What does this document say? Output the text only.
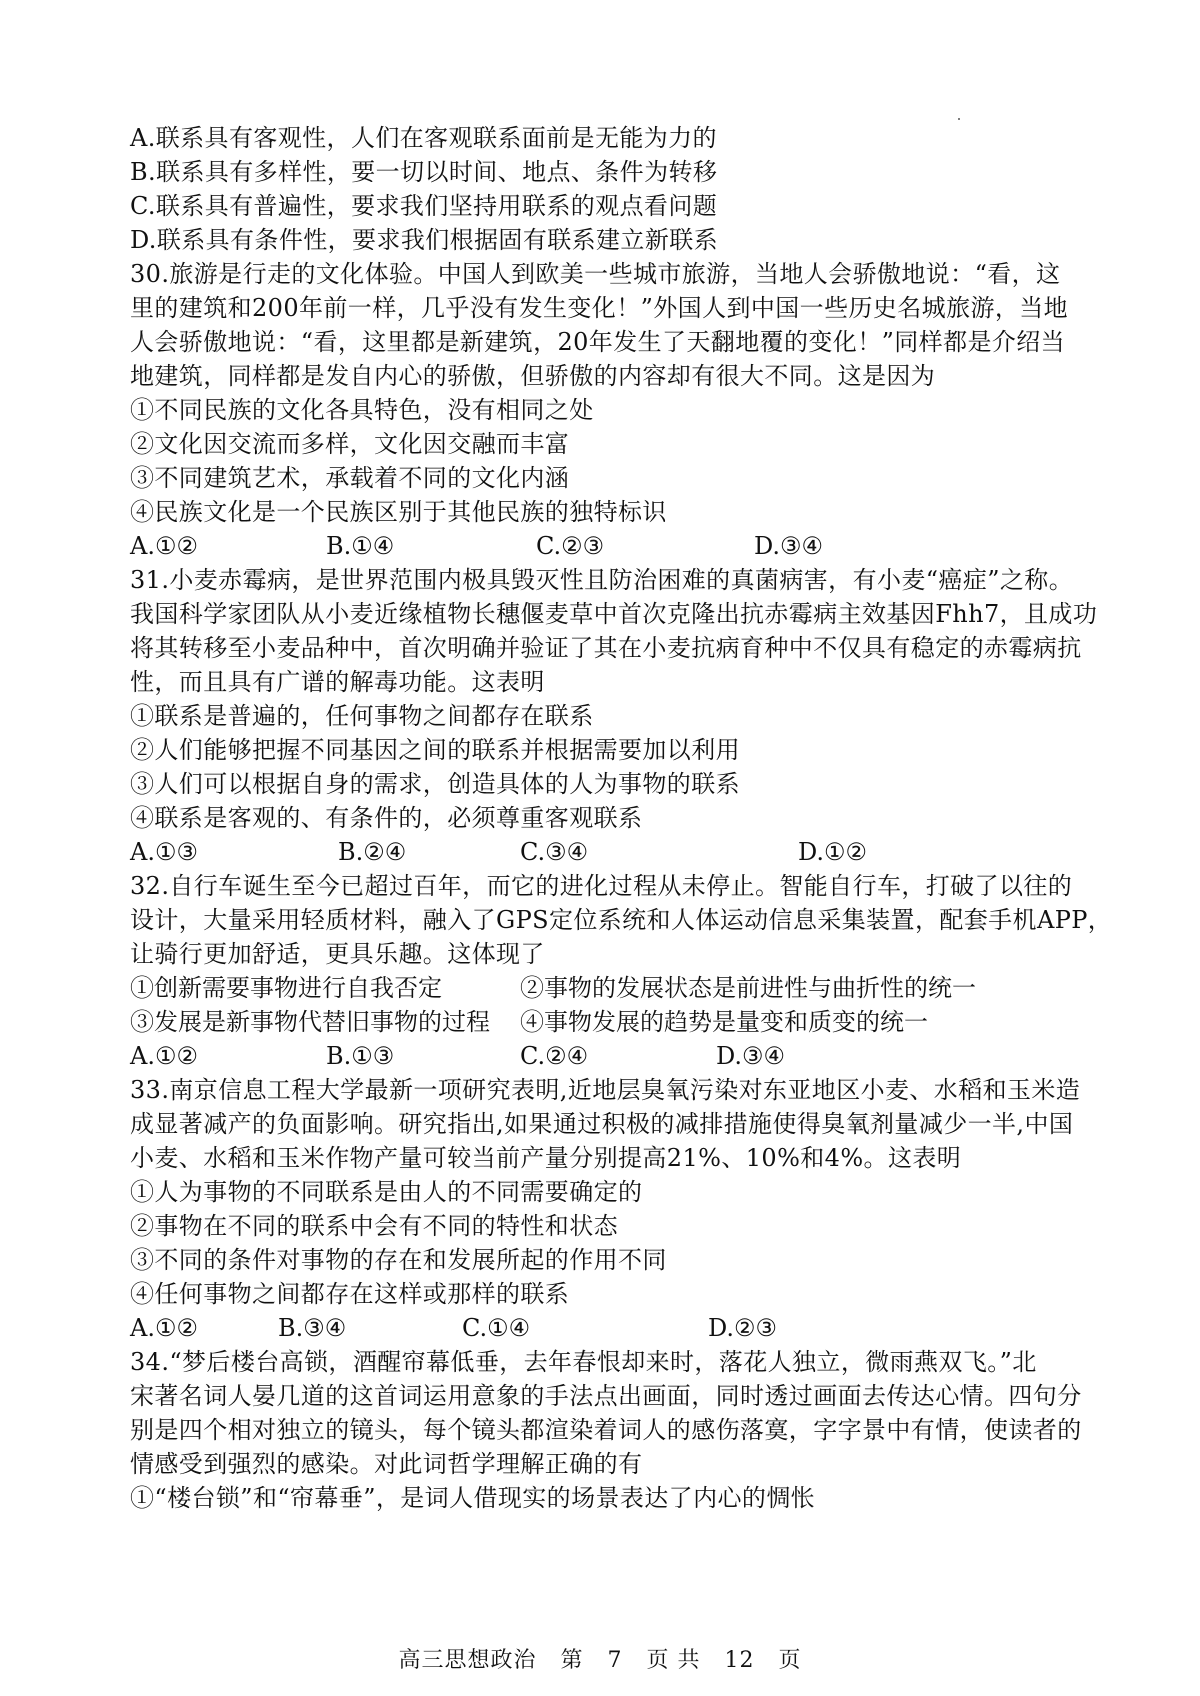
A.联系具有客观性，人们在客观联系面前是无能为力的
B.联系具有多样性，要一切以时间、地点、条件为转移
C.联系具有普遍性，要求我们坚持用联系的观点看问题
D.联系具有条件性，要求我们根据固有联系建立新联系
30.旅游是行走的文化体验。中国人到欧美一些城市旅游，当地人会骄傲地说：“看，这
里的建筑和200年前一样，几乎没有发生变化！”外国人到中国一些历史名城旅游，当地
人会骄傲地说：“看，这里都是新建筑，20年发生了天翻地覆的变化！”同样都是介绍当
地建筑，同样都是发自内心的骄傲，但骄傲的内容却有很大不同。这是因为
①不同民族的文化各具特色，没有相同之处
②文化因交流而多样，文化因交融而丰富
③不同建筑艺术，承载着不同的文化内涵
④民族文化是一个民族区别于其他民族的独特标识
A.①②	B.①④	C.②③	D.③④
31.小麦赤霉病，是世界范围内极具毁灭性且防治困难的真菌病害，有小麦“癌症”之称。
我国科学家团队从小麦近缘植物长穗偃麦草中首次克隆出抗赤霉病主效基因Fhh7，且成功
将其转移至小麦品种中，首次明确并验证了其在小麦抗病育种中不仅具有稳定的赤霉病抗
性，而且具有广谱的解毒功能。这表明
①联系是普遍的，任何事物之间都存在联系
②人们能够把握不同基因之间的联系并根据需要加以利用
③人们可以根据自身的需求，创造具体的人为事物的联系
④联系是客观的、有条件的，必须尊重客观联系
A.①③	B.②④	C.③④	D.①②
32.自行车诞生至今已超过百年，而它的进化过程从未停止。智能自行车，打破了以往的
设计，大量采用轻质材料，融入了GPS定位系统和人体运动信息采集装置，配套手机APP，
让骑行更加舒适，更具乐趣。这体现了
①创新需要事物进行自我否定	②事物的发展状态是前进性与曲折性的统一
③发展是新事物代替旧事物的过程 ④事物发展的趋势是量变和质变的统一
A.①②	B.①③	C.②④	D.③④
33.南京信息工程大学最新一项研究表明,近地层臭氧污染对东亚地区小麦、水稻和玉米造
成显著减产的负面影响。研究指出,如果通过积极的减排措施使得臭氧剂量减少一半,中国
小麦、水稻和玉米作物产量可较当前产量分别提高21%、10%和4%。这表明
①人为事物的不同联系是由人的不同需要确定的
②事物在不同的联系中会有不同的特性和状态
③不同的条件对事物的存在和发展所起的作用不同
④任何事物之间都存在这样或那样的联系
A.①②	B.③④	C.①④	D.②③
34.“梦后楼台高锁，酒醒帘幕低垂，去年春恨却来时，落花人独立，微雨燕双飞。”北
宋著名词人晏几道的这首词运用意象的手法点出画面，同时透过画面去传达心情。四句分
别是四个相对独立的镜头，每个镜头都渲染着词人的感伤落寞，字字景中有情，使读者的
情感受到强烈的感染。对此词哲学理解正确的有
①“楼台锁”和“帘幕垂”，是词人借现实的场景表达了内心的惆怅
高三思想政治 第 7 页 共 12 页
